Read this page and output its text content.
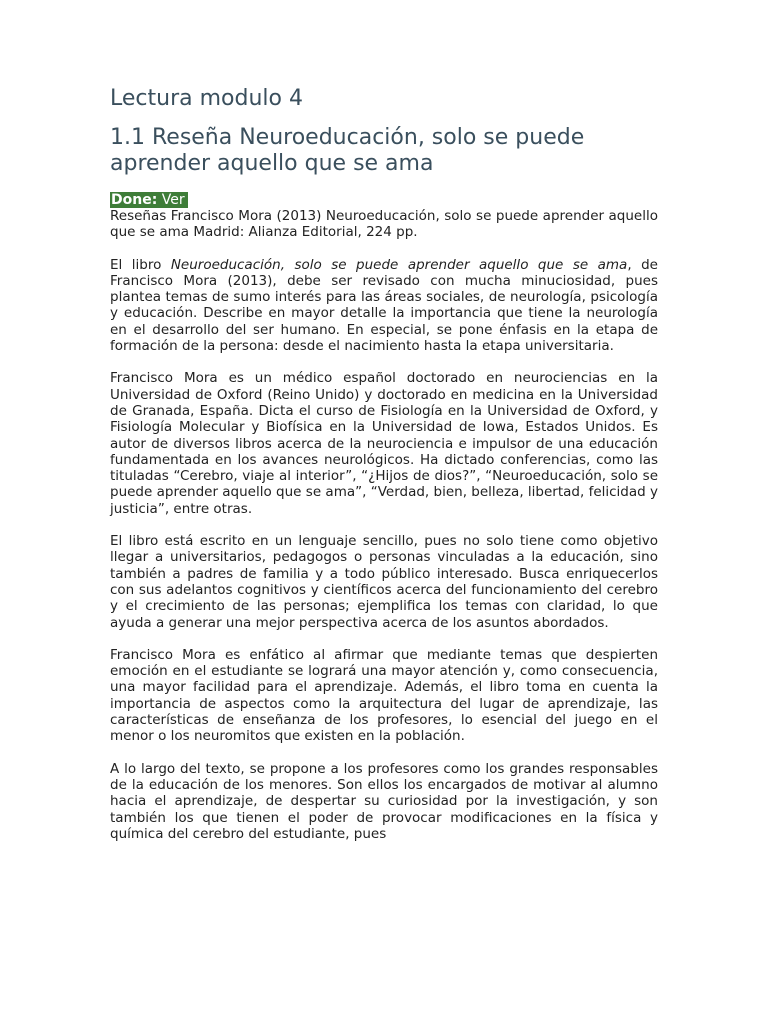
Lectura modulo 4
1.1 Reseña Neuroeducación, solo se puede aprender aquello que se ama
Done: Ver

Reseñas Francisco Mora (2013) Neuroeducación, solo se puede aprender aquello que se ama Madrid: Alianza Editorial, 224 pp.

El libro Neuroeducación, solo se puede aprender aquello que se ama, de Francisco Mora (2013), debe ser revisado con mucha minuciosidad, pues plantea temas de sumo interés para las áreas sociales, de neurología, psicología y educación. Describe en mayor detalle la importancia que tiene la neurología en el desarrollo del ser humano. En especial, se pone énfasis en la etapa de formación de la persona: desde el nacimiento hasta la etapa universitaria.

Francisco Mora es un médico español doctorado en neurociencias en la Universidad de Oxford (Reino Unido) y doctorado en medicina en la Universidad de Granada, España. Dicta el curso de Fisiología en la Universidad de Oxford, y Fisiología Molecular y Biofísica en la Universidad de Iowa, Estados Unidos. Es autor de diversos libros acerca de la neurociencia e impulsor de una educación fundamentada en los avances neurológicos. Ha dictado conferencias, como las tituladas “Cerebro, viaje al interior”, “¿Hijos de dios?”, “Neuroeducación, solo se puede aprender aquello que se ama”, “Verdad, bien, belleza, libertad, felicidad y justicia”, entre otras.

El libro está escrito en un lenguaje sencillo, pues no solo tiene como objetivo llegar a universitarios, pedagogos o personas vinculadas a la educación, sino también a padres de familia y a todo público interesado. Busca enriquecerlos con sus adelantos cognitivos y científicos acerca del funcionamiento del cerebro y el crecimiento de las personas; ejemplifica los temas con claridad, lo que ayuda a generar una mejor perspectiva acerca de los asuntos abordados.

Francisco Mora es enfático al afirmar que mediante temas que despierten emoción en el estudiante se logrará una mayor atención y, como consecuencia, una mayor facilidad para el aprendizaje. Además, el libro toma en cuenta la importancia de aspectos como la arquitectura del lugar de aprendizaje, las características de enseñanza de los profesores, lo esencial del juego en el menor o los neuromitos que existen en la población.

A lo largo del texto, se propone a los profesores como los grandes responsables de la educación de los menores. Son ellos los encargados de motivar al alumno hacia el aprendizaje, de despertar su curiosidad por la investigación, y son también los que tienen el poder de provocar modificaciones en la física y química del cerebro del estudiante, pues
